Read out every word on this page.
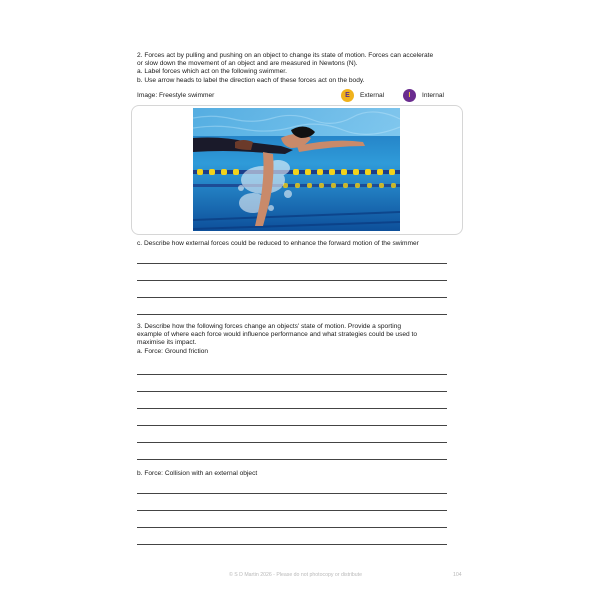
2. Forces act by pulling and pushing on an object to change its state of motion. Forces can accelerate
or slow down the movement of an object and are measured in Newtons (N).
a. Label forces which act on the following swimmer.
b. Use arrow heads to label the direction each of these forces act on the body.
Image: Freestyle swimmer	E	External	I	Internal
c. Describe how external forces could be reduced to enhance the forward motion of the swimmer
3. Describe how the following forces change an objects' state of motion. Provide a sporting
example of where each force would influence performance and what strategies could be used to
maximise its impact.
a. Force: Ground friction
b. Force: Collision with an external object
© S D Martin 2026 - Please do not photocopy or distribute	104
